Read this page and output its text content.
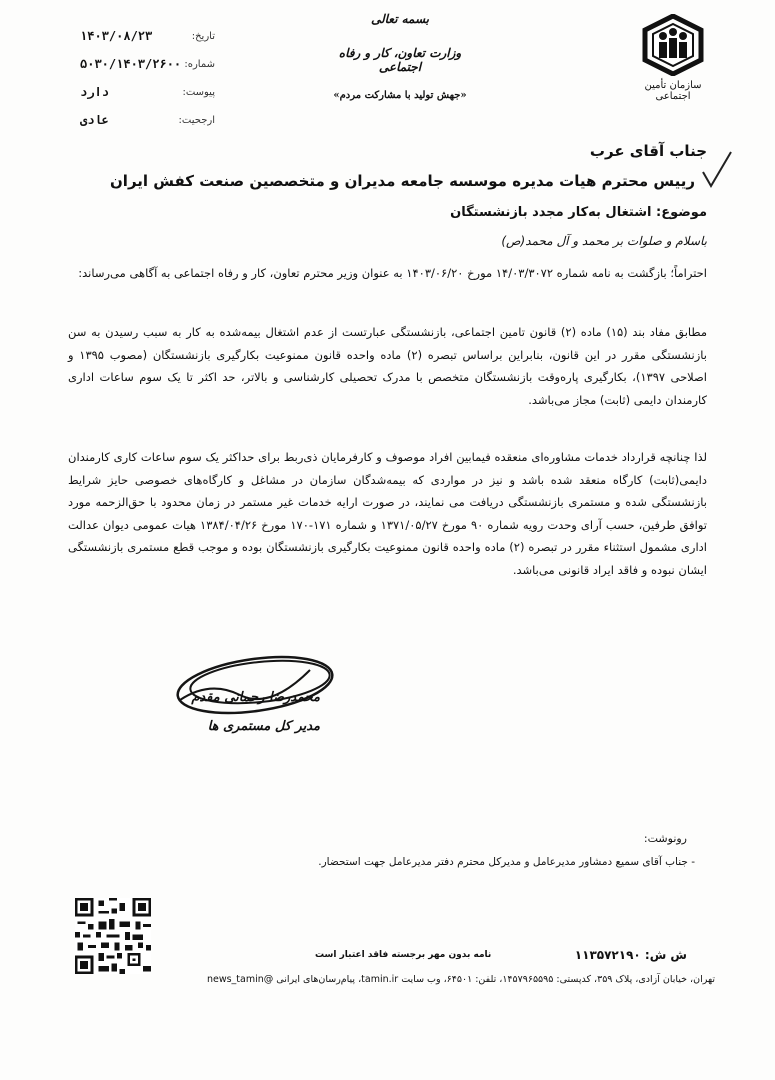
سازمان تأمین اجتماعی
بسمه تعالی
وزارت تعاون، کار و رفاه اجتماعی
«جهش تولید با مشارکت مردم»
تاریخ:
۱۴۰۳/۰۸/۲۳
شماره:
۵۰۳۰/۱۴۰۳/۲۶۰۰
پیوست:
دارد
ارجحیت:
عادی
جناب آقای عرب
رییس محترم هیات مدیره موسسه جامعه مدیران و متخصصین صنعت کفش ایران
موضوع: اشتغال به‌کار مجدد بازنشستگان
با‌سلام و صلوات بر محمد و آل محمد(ص)
احتراماً؛ بازگشت به نامه شماره ۱۴/۰۳/۳۰۷۲ مورخ ۱۴۰۳/۰۶/۲۰ به عنوان وزیر محترم تعاون، کار و رفاه اجتماعی به آگاهی می‌رساند:
مطابق مفاد بند (۱۵) ماده (۲) قانون تامین اجتماعی، بازنشستگی عبارتست از عدم اشتغال بیمه‌شده به کار به سبب رسیدن به سن بازنشستگی مقرر در این قانون، بنابراین براساس تبصره (۲) ماده واحده قانون ممنوعیت بکارگیری بازنشستگان (مصوب ۱۳۹۵ و اصلاحی ۱۳۹۷)، بکارگیری پاره‌وقت بازنشستگان متخصص با مدرک تحصیلی کارشناسی و بالاتر، حد اکثر تا یک سوم ساعات اداری کارمندان دایمی (ثابت) مجاز می‌باشد.
لذا چنانچه قرارداد خدمات مشاوره‌ای منعقده فیمابین افراد موصوف و کارفرمایان ذی‌ربط برای حداکثر یک سوم ساعات کاری کارمندان دایمی(ثابت) کارگاه منعقد شده باشد و نیز در مواردی که بیمه‌شدگان سازمان در مشاغل و کارگاه‌های خصوصی حایز شرایط بازنشستگی شده و مستمری بازنشستگی دریافت می نمایند، در صورت ارایه خدمات غیر مستمر در زمان محدود با حق‌الزحمه مورد توافق طرفین، حسب آرای وحدت رویه شماره ۹۰ مورخ ۱۳۷۱/۰۵/۲۷ و شماره ۱۷۱-۱۷۰ مورخ ۱۳۸۴/۰۴/۲۶ هیات عمومی دیوان عدالت اداری مشمول استثناء مقرر در تبصره (۲) ماده واحده قانون ممنوعیت بکارگیری بازنشستگان بوده و موجب قطع مستمری بازنشستگی ایشان نبوده و فاقد ایراد قانونی می‌باشد.
محمدرضا رحمانی مقدم
مدیر کل مستمری ها
رونوشت:
- جناب آقای سمیع دمشاور مدیرعامل و مدیرکل محترم دفتر مدیرعامل جهت استحضار.
ش ش: ۱۱۳۵۷۲۱۹۰
نامه بدون مهر برجسته فاقد اعتبار است
تهران، خیابان آزادی، پلاک ۳۵۹، کدپستی: ۱۴۵۷۹۶۵۵۹۵، تلفن: ۶۴۵۰۱، وب سایت tamin.ir، پیام‌رسان‌های ایرانی @news_tamin
